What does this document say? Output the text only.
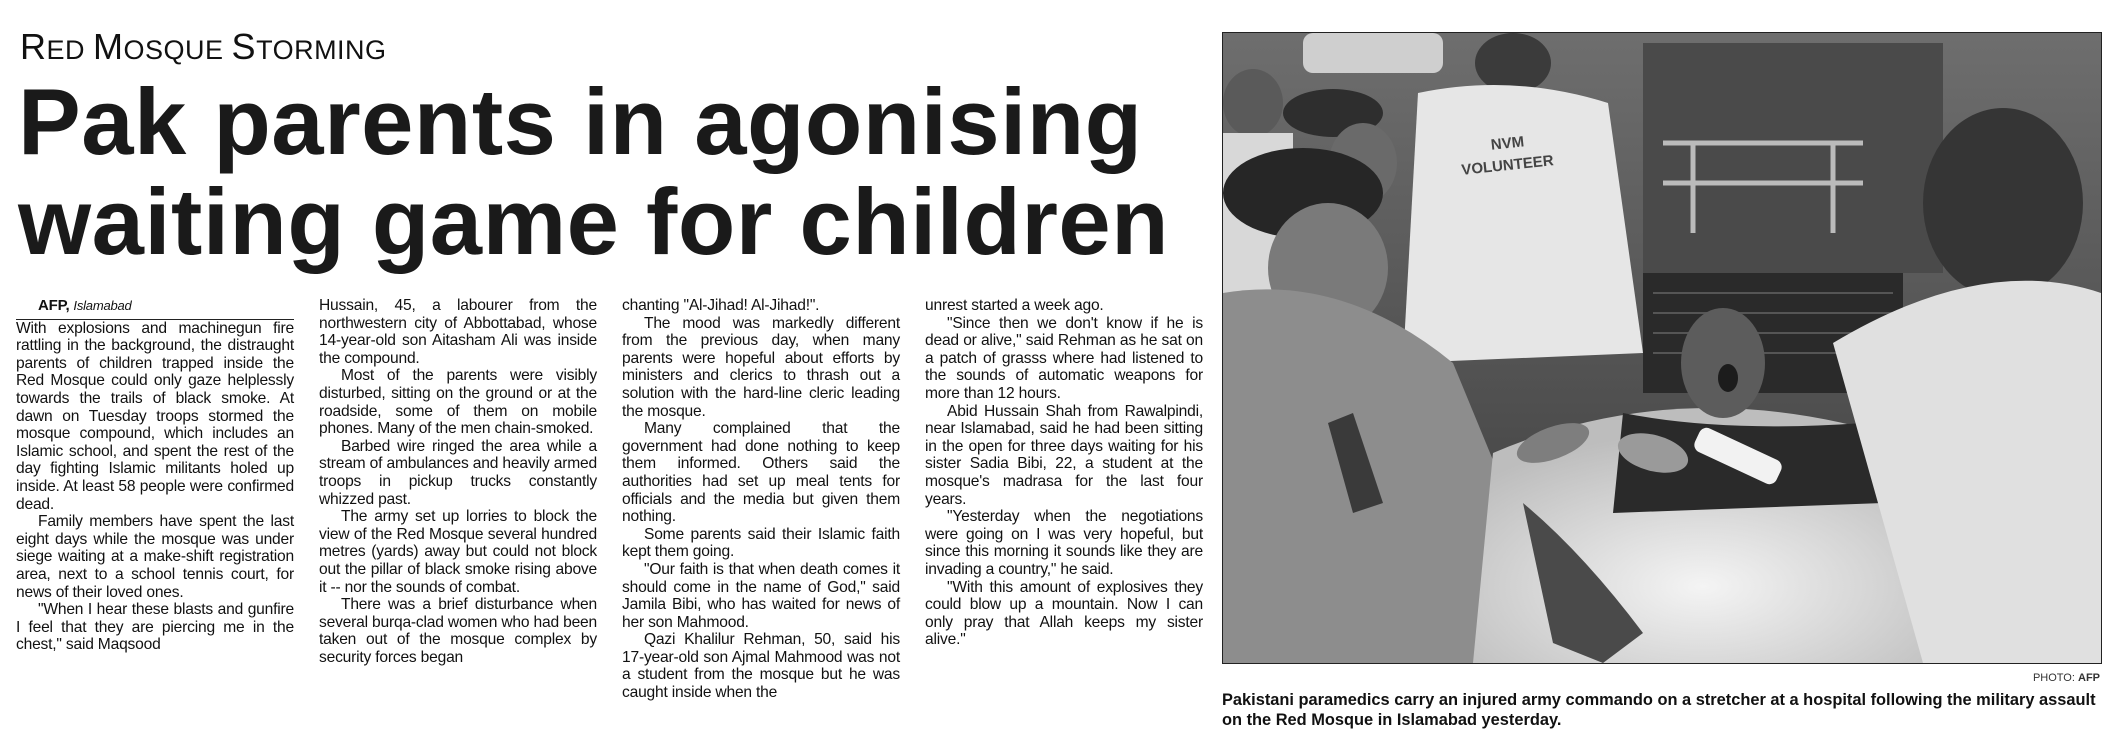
RED MOSQUE STORMING
Pak parents in agonising
waiting game for children

AFP, Islamabad

With explosions and machinegun fire rattling in the background, the distraught parents of children trapped inside the Red Mosque could only gaze helplessly towards the trails of black smoke. At dawn on Tuesday troops stormed the mosque compound, which includes an Islamic school, and spent the rest of the day fighting Islamic militants holed up inside. At least 58 people were confirmed dead.

Family members have spent the last eight days while the mosque was under siege waiting at a make-shift registration area, next to a school tennis court, for news of their loved ones.

"When I hear these blasts and gunfire I feel that they are piercing me in the chest," said Maqsood

Hussain, 45, a labourer from the northwestern city of Abbottabad, whose 14-year-old son Aitasham Ali was inside the compound.

Most of the parents were visibly disturbed, sitting on the ground or at the roadside, some of them on mobile phones. Many of the men chain-smoked.

Barbed wire ringed the area while a stream of ambulances and heavily armed troops in pickup trucks constantly whizzed past.

The army set up lorries to block the view of the Red Mosque several hundred metres (yards) away but could not block out the pillar of black smoke rising above it -- nor the sounds of combat.

There was a brief disturbance when several burqa-clad women who had been taken out of the mosque complex by security forces began

chanting "Al-Jihad! Al-Jihad!".

The mood was markedly different from the previous day, when many parents were hopeful about efforts by ministers and clerics to thrash out a solution with the hard-line cleric leading the mosque.

Many complained that the government had done nothing to keep them informed. Others said the authorities had set up meal tents for officials and the media but given them nothing.

Some parents said their Islamic faith kept them going.

"Our faith is that when death comes it should come in the name of God," said Jamila Bibi, who has waited for news of her son Mahmood.

Qazi Khalilur Rehman, 50, said his 17-year-old son Ajmal Mahmood was not a student from the mosque but he was caught inside when the

unrest started a week ago.

"Since then we don't know if he is dead or alive," said Rehman as he sat on a patch of grasss where had listened to the sounds of automatic weapons for more than 12 hours.

Abid Hussain Shah from Rawalpindi, near Islamabad, said he had been sitting in the open for three days waiting for his sister Sadia Bibi, 22, a student at the mosque's madrasa for the last four years.

"Yesterday when the negotiations were going on I was very hopeful, but since this morning it sounds like they are invading a country," he said.

"With this amount of explosives they could blow up a mountain. Now I can only pray that Allah keeps my sister alive."

NVM
VOLUNTEER
PHOTO: AFP
Pakistani paramedics carry an injured army commando on a stretcher at a hospital following the military assault on the Red Mosque in Islamabad yesterday.
